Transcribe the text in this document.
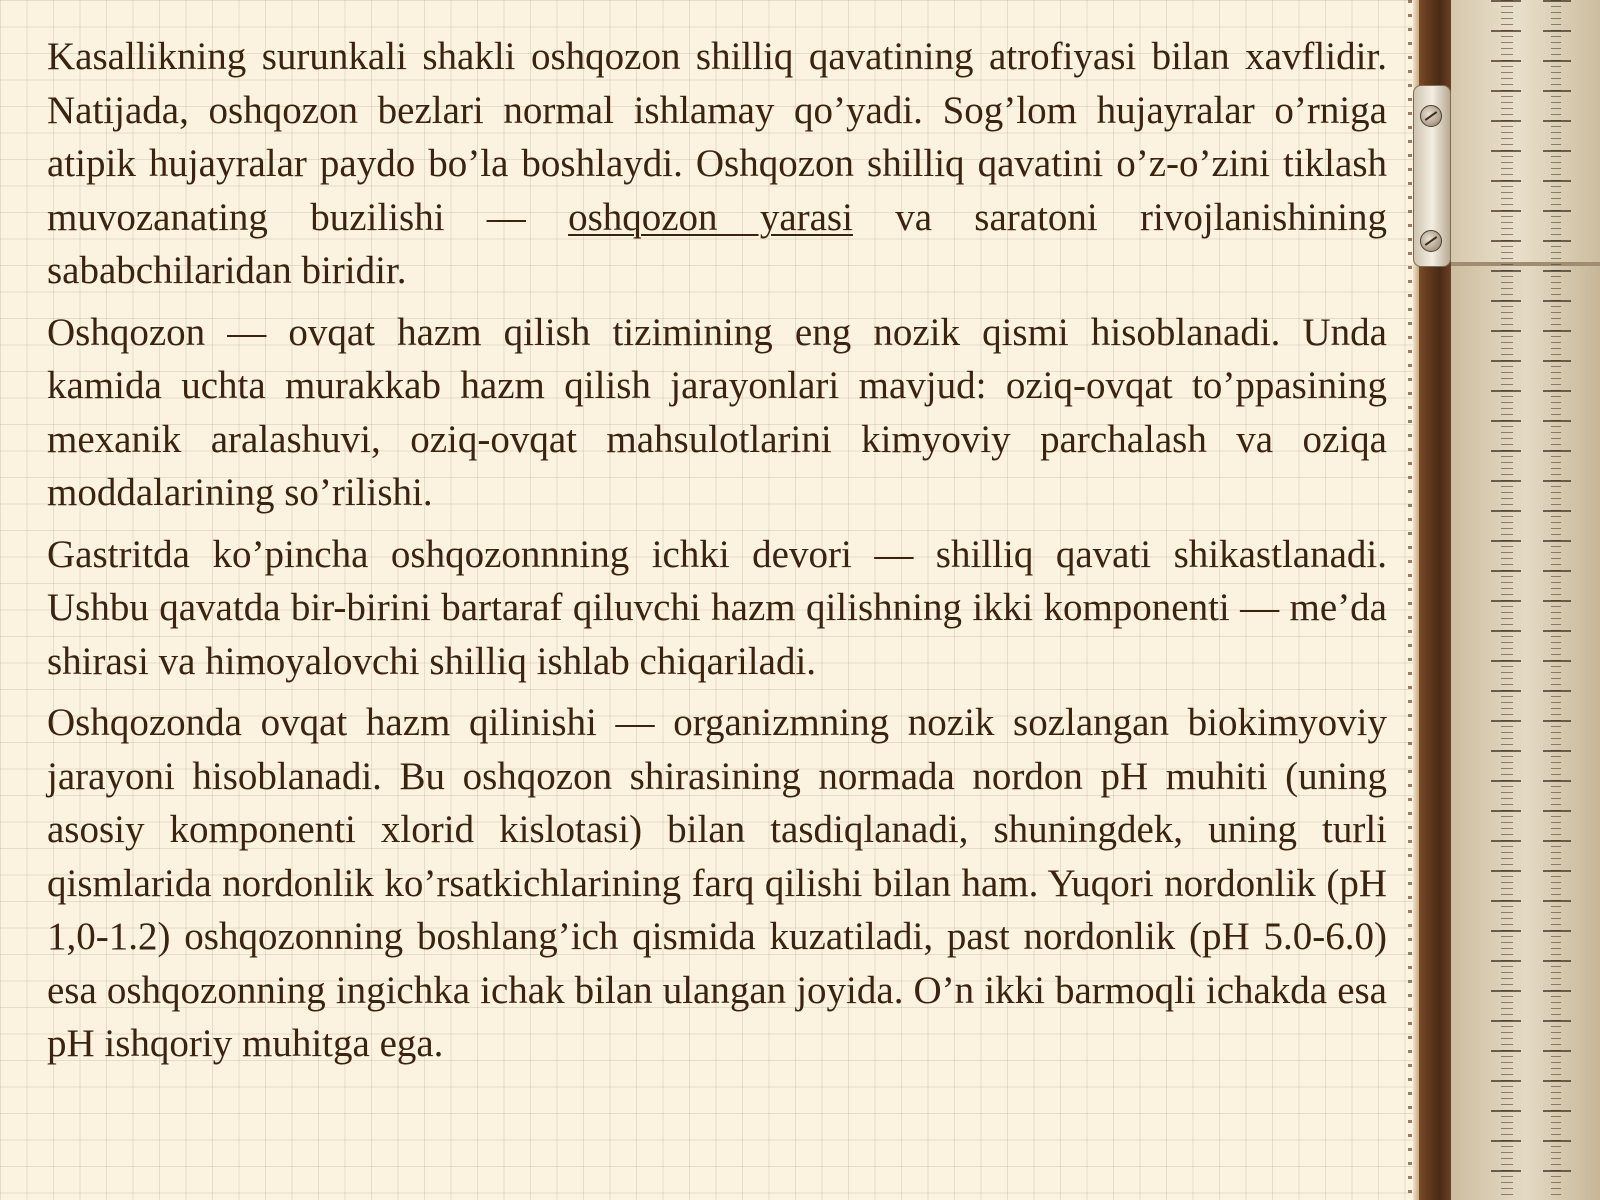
Kasallikning surunkali shakli oshqozon shilliq qavatining atrofiyasi bilan xavflidir. Natijada, oshqozon bezlari normal ishlamay qo’yadi. Sog’lom hujayralar o’rniga atipik hujayralar paydo bo’la boshlaydi. Oshqozon shilliq qavatini o’z-o’zini tiklash muvozanating buzilishi — oshqozon yarasi va saratoni rivojlanishining sababchilaridan biridir.

Oshqozon — ovqat hazm qilish tizimining eng nozik qismi hisoblanadi. Unda kamida uchta murakkab hazm qilish jarayonlari mavjud: oziq-ovqat to’ppasining mexanik aralashuvi, oziq-ovqat mahsulotlarini kimyoviy parchalash va oziqa moddalarining so’rilishi.

Gastritda ko’pincha oshqozonnning ichki devori — shilliq qavati shikastlanadi. Ushbu qavatda bir-birini bartaraf qiluvchi hazm qilishning ikki komponenti — me’da shirasi va himoyalovchi shilliq ishlab chiqariladi.

Oshqozonda ovqat hazm qilinishi — organizmning nozik sozlangan biokimyoviy jarayoni hisoblanadi. Bu oshqozon shirasining normada nordon pH muhiti (uning asosiy komponenti xlorid kislotasi) bilan tasdiqlanadi, shuningdek, uning turli qismlarida nordonlik ko’rsatkichlarining farq qilishi bilan ham. Yuqori nordonlik (pH 1,0-1.2) oshqozonning boshlang’ich qismida kuzatiladi, past nordonlik (pH 5.0-6.0) esa oshqozonning ingichka ichak bilan ulangan joyida. O’n ikki barmoqli ichakda esa pH ishqoriy muhitga ega.
